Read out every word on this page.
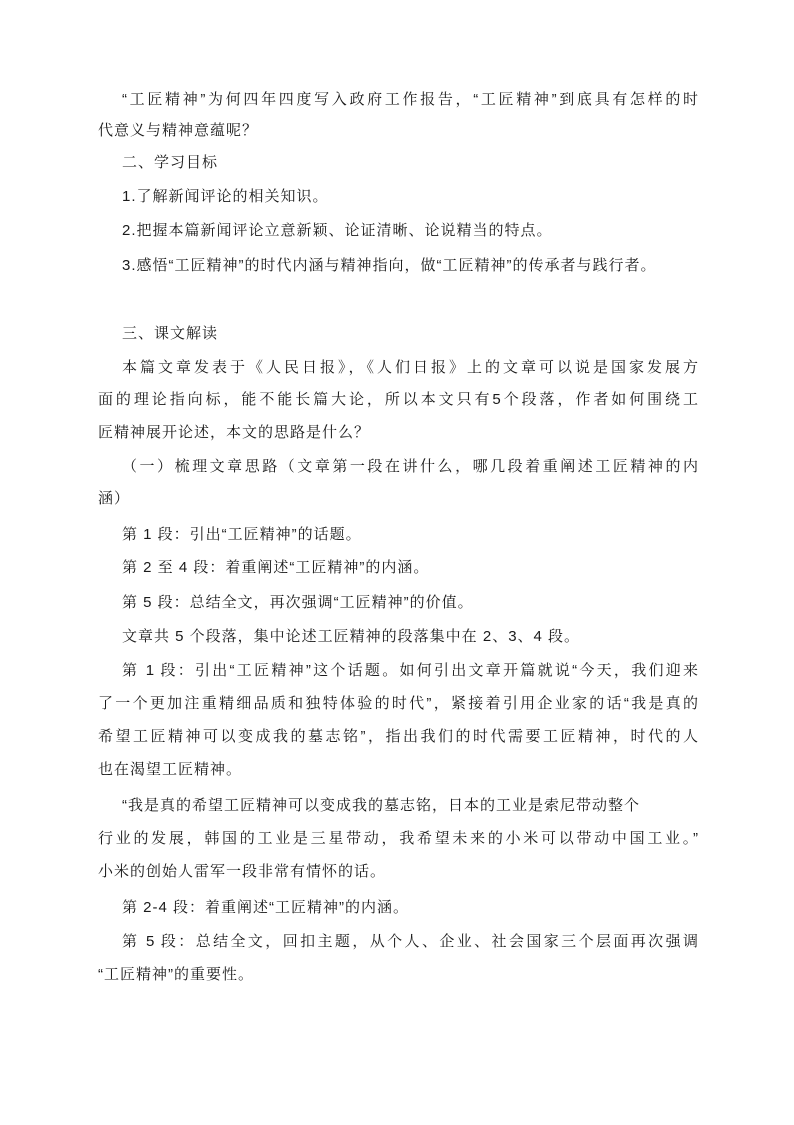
“工匠精神”为何四年四度写入政府工作报告，“工匠精神”到底具有怎样的时
代意义与精神意蕴呢？
二、学习目标
1.了解新闻评论的相关知识。
2.把握本篇新闻评论立意新颖、论证清晰、论说精当的特点。
3.感悟“工匠精神”的时代内涵与精神指向，做“工匠精神”的传承者与践行者。
三、课文解读
本篇文章发表于《人民日报》，《人们日报》上的文章可以说是国家发展方
面的理论指向标，能不能长篇大论，所以本文只有5个段落，作者如何围绕工
匠精神展开论述，本文的思路是什么？
（一）梳理文章思路（文章第一段在讲什么，哪几段着重阐述工匠精神的内
涵）
第 1 段：引出“工匠精神”的话题。
第 2 至 4 段：着重阐述“工匠精神”的内涵。
第 5 段：总结全文，再次强调“工匠精神”的价值。
文章共 5 个段落，集中论述工匠精神的段落集中在 2、3、4 段。
第 1 段：引出“工匠精神”这个话题。如何引出文章开篇就说“今天，我们迎来
了一个更加注重精细品质和独特体验的时代”，紧接着引用企业家的话“我是真的
希望工匠精神可以变成我的墓志铭”，指出我们的时代需要工匠精神，时代的人
也在渴望工匠精神。
“我是真的希望工匠精神可以变成我的墓志铭，日本的工业是索尼带动整个
行业的发展，韩国的工业是三星带动，我希望未来的小米可以带动中国工业。”
小米的创始人雷军一段非常有情怀的话。
第 2-4 段：着重阐述“工匠精神”的内涵。
第 5 段：总结全文，回扣主题，从个人、企业、社会国家三个层面再次强调
“工匠精神”的重要性。
